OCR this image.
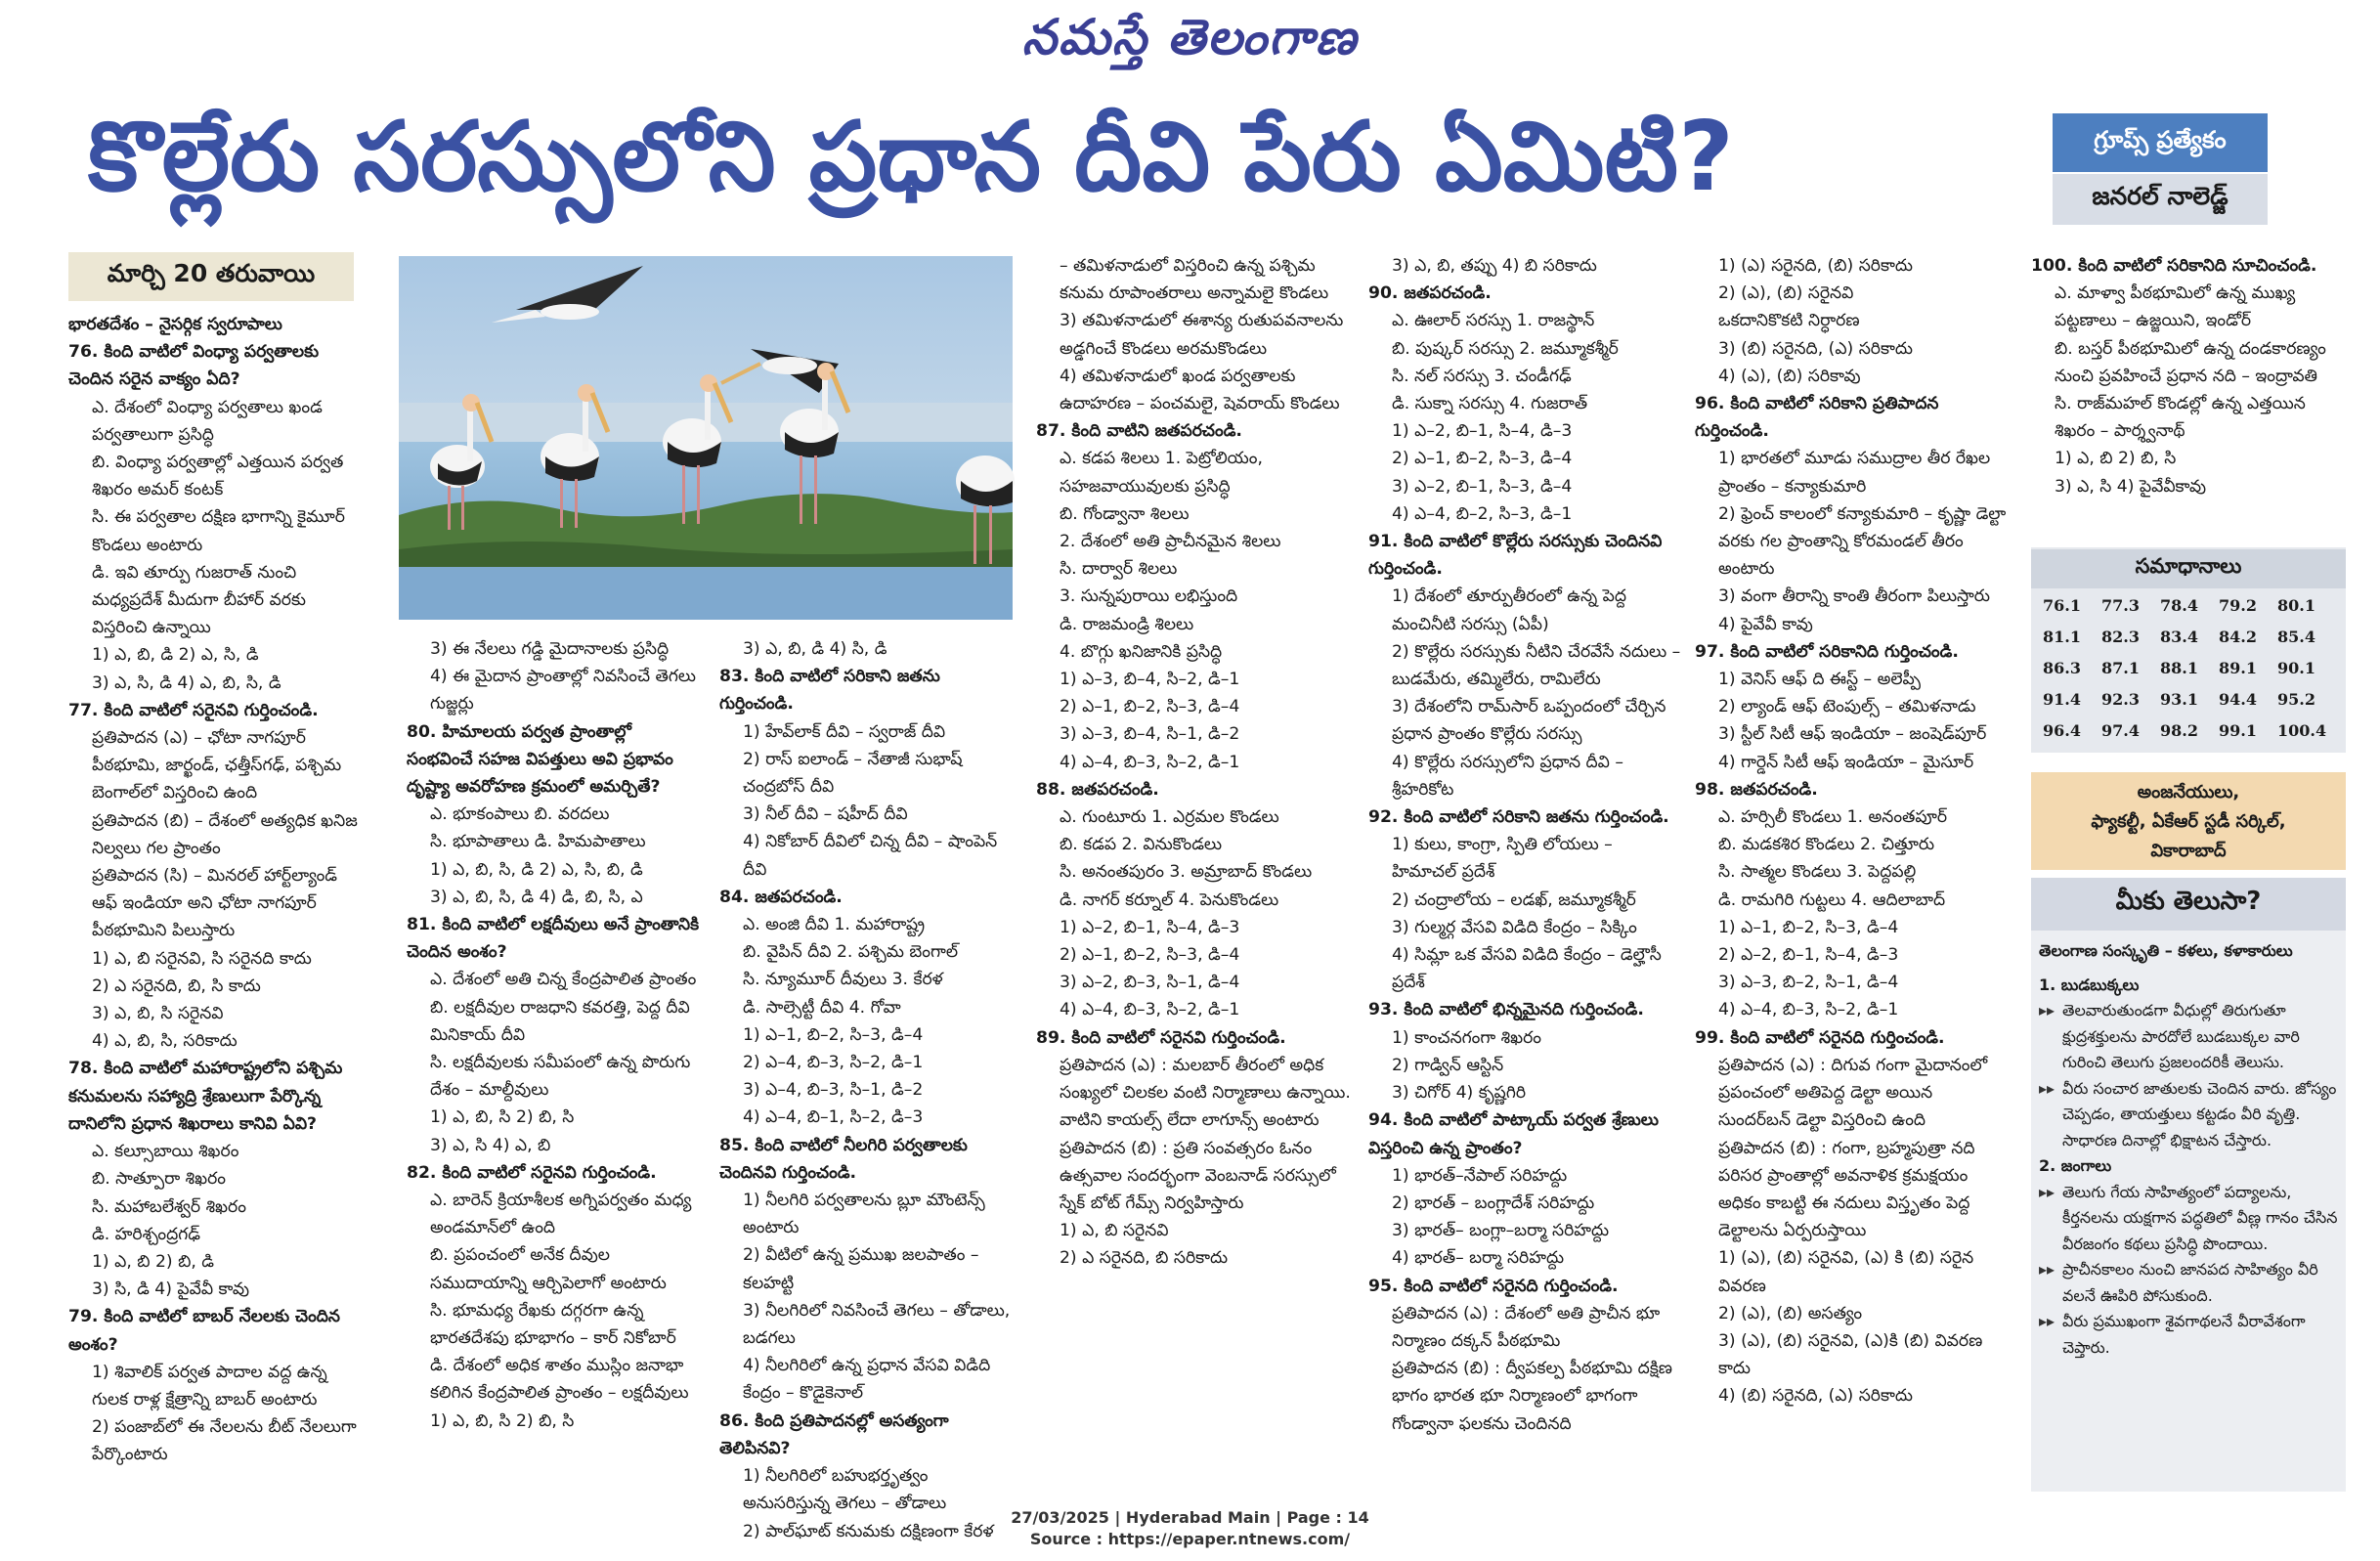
నమస్తే తెలంగాణ
కొల్లేరు సరస్సులోని ప్రధాన దీవి పేరు ఏమిటి?	గ్రూప్స్ ప్రత్యేకం
జనరల్ నాలెడ్జ్
మార్చి 20 తరువాయి

భారతదేశం – నైసర్గిక స్వరూపాలు

76. కింది వాటిలో వింధ్యా పర్వతాలకు చెందిన సరైన వాక్యం ఏది?

ఎ. దేశంలో వింధ్యా పర్వతాలు ఖండ పర్వతాలుగా ప్రసిద్ధి

బి. వింధ్యా పర్వతాల్లో ఎత్తయిన పర్వత శిఖరం అమర్ కంటక్

సి. ఈ పర్వతాల దక్షిణ భాగాన్ని కైమూర్ కొండలు అంటారు

డి. ఇవి తూర్పు గుజరాత్ నుంచి మధ్యప్రదేశ్ మీదుగా బీహార్ వరకు విస్తరించి ఉన్నాయి

1) ఎ, బి, డి 2) ఎ, సి, డి

3) ఎ, సి, డి 4) ఎ, బి, సి, డి

77. కింది వాటిలో సరైనవి గుర్తించండి.

ప్రతిపాదన (ఎ) – ఛోటా నాగపూర్ పీఠభూమి, జార్ఖండ్, ఛత్తీస్‌గఢ్, పశ్చిమ బెంగాల్‌లో విస్తరించి ఉంది

ప్రతిపాదన (బి) – దేశంలో అత్యధిక ఖనిజ నిల్వలు గల ప్రాంతం

ప్రతిపాదన (సి) – మినరల్ హార్ట్‌ల్యాండ్ ఆఫ్ ఇండియా అని ఛోటా నాగపూర్ పీఠభూమిని పిలుస్తారు

1) ఎ, బి సరైనవి, సి సరైనది కాదు

2) ఎ సరైనది, బి, సి కాదు

3) ఎ, బి, సి సరైనవి

4) ఎ, బి, సి, సరికాదు

78. కింది వాటిలో మహారాష్ట్రలోని పశ్చిమ కనుమలను సహ్యాద్రి శ్రేణులుగా పేర్కొన్న దానిలోని ప్రధాన శిఖరాలు కానివి ఏవి?

ఎ. కల్సూబాయి శిఖరం

బి. సాత్పూరా శిఖరం

సి. మహాబలేశ్వర్ శిఖరం

డి. హరిశ్చంద్రగఢ్

1) ఎ, బి 2) బి, డి

3) సి, డి 4) పైవేవీ కావు

79. కింది వాటిలో బాబర్ నేలలకు చెందిన అంశం?

1) శివాలిక్ పర్వత పాదాల వద్ద ఉన్న గులక రాళ్ల క్షేత్రాన్ని బాబర్ అంటారు

2) పంజాబ్‌లో ఈ నేలలను బీట్ నేలలుగా పేర్కొంటారు

3) ఈ నేలలు గడ్డి మైదానాలకు ప్రసిద్ధి

4) ఈ మైదాన ప్రాంతాల్లో నివసించే తెగలు గుజ్జర్లు

80. హిమాలయ పర్వత ప్రాంతాల్లో సంభవించే సహజ విపత్తులు అవి ప్రభావం దృష్ట్యా అవరోహణ క్రమంలో అమర్చితే?

ఎ. భూకంపాలు బి. వరదలు

సి. భూపాతాలు డి. హిమపాతాలు

1) ఎ, బి, సి, డి 2) ఎ, సి, బి, డి

3) ఎ, బి, సి, డి 4) డి, బి, సి, ఎ

81. కింది వాటిలో లక్షదీవులు అనే ప్రాంతానికి చెందిన అంశం?

ఎ. దేశంలో అతి చిన్న కేంద్రపాలిత ప్రాంతం

బి. లక్షదీవుల రాజధాని కవరత్తి, పెద్ద దీవి మినికాయ్ దీవి

సి. లక్షదీవులకు సమీపంలో ఉన్న పొరుగు దేశం – మాల్దీవులు

1) ఎ, బి, సి 2) బి, సి

3) ఎ, సి 4) ఎ, బి

82. కింది వాటిలో సరైనవి గుర్తించండి.

ఎ. బారెన్ క్రియాశీలక అగ్నిపర్వతం మధ్య అండమాన్‌లో ఉంది

బి. ప్రపంచంలో అనేక దీవుల సముదాయాన్ని ఆర్చిపెలాగో అంటారు

సి. భూమధ్య రేఖకు దగ్గరగా ఉన్న భారతదేశపు భూభాగం – కార్ నికోబార్

డి. దేశంలో అధిక శాతం ముస్లిం జనాభా కలిగిన కేంద్రపాలిత ప్రాంతం – లక్షదీవులు

1) ఎ, బి, సి 2) బి, సి

3) ఎ, బి, డి 4) సి, డి

83. కింది వాటిలో సరికాని జతను గుర్తించండి.

1) హేవ్‌లాక్ దీవి – స్వరాజ్ దీవి

2) రాస్ ఐలాండ్ – నేతాజీ సుభాష్ చంద్రబోస్ దీవి

3) నీల్ దీవి – షహీద్ దీవి

4) నికోబార్ దీవిలో చిన్న దీవి – షాంపెన్ దీవి

84. జతపరచండి.

ఎ. అంజి దీవి 1. మహారాష్ట్ర

బి. వైపిన్ దీవి 2. పశ్చిమ బెంగాల్

సి. న్యూమూర్ దీవులు 3. కేరళ

డి. సాల్సెట్టీ దీవి 4. గోవా

1) ఎ–1, బి–2, సి–3, డి–4

2) ఎ–4, బి–3, సి–2, డి–1

3) ఎ–4, బి–3, సి–1, డి–2

4) ఎ–4, బి–1, సి–2, డి–3

85. కింది వాటిలో నీలగిరి పర్వతాలకు చెందినవి గుర్తించండి.

1) నీలగిరి పర్వతాలను బ్లూ మౌంటెన్స్ అంటారు

2) వీటిలో ఉన్న ప్రముఖ జలపాతం – కలహట్టి

3) నీలగిరిలో నివసించే తెగలు – తోడాలు, బడగలు

4) నీలగిరిలో ఉన్న ప్రధాన వేసవి విడిది కేంద్రం – కొడైకెనాల్

86. కింది ప్రతిపాదనల్లో అసత్యంగా తెలిపినవి?

1) నీలగిరిలో బహుభర్తృత్వం అనుసరిస్తున్న తెగలు – తోడాలు

2) పాల్‌ఘాట్ కనుమకు దక్షిణంగా కేరళ

– తమిళనాడులో విస్తరించి ఉన్న పశ్చిమ కనుమ రూపాంతరాలు అన్నామలై కొండలు

3) తమిళనాడులో ఈశాన్య రుతుపవనాలను అడ్డగించే కొండలు అరమకొండలు

4) తమిళనాడులో ఖండ పర్వతాలకు ఉదాహరణ – పంచమలై, షెవరాయ్ కొండలు

87. కింది వాటిని జతపరచండి.

ఎ. కడప శిలలు 1. పెట్రోలియం, సహజవాయువులకు ప్రసిద్ధి

బి. గోండ్వానా శిలలు

2. దేశంలో అతి ప్రాచీనమైన శిలలు

సి. దార్వార్ శిలలు

3. సున్నపురాయి లభిస్తుంది

డి. రాజమండ్రి శిలలు

4. బొగ్గు ఖనిజానికి ప్రసిద్ధి

1) ఎ–3, బి–4, సి–2, డి–1

2) ఎ–1, బి–2, సి–3, డి–4

3) ఎ–3, బి–4, సి–1, డి–2

4) ఎ–4, బి–3, సి–2, డి–1

88. జతపరచండి.

ఎ. గుంటూరు 1. ఎర్రమల కొండలు

బి. కడప 2. వినుకొండలు

సి. అనంతపురం 3. అమ్రాబాద్ కొండలు

డి. నాగర్ కర్నూల్ 4. పెనుకొండలు

1) ఎ–2, బి–1, సి–4, డి–3

2) ఎ–1, బి–2, సి–3, డి–4

3) ఎ–2, బి–3, సి–1, డి–4

4) ఎ–4, బి–3, సి–2, డి–1

89. కింది వాటిలో సరైనవి గుర్తించండి.

ప్రతిపాదన (ఎ) : మలబార్ తీరంలో అధిక సంఖ్యలో చిలకల వంటి నిర్మాణాలు ఉన్నాయి. వాటిని కాయల్స్ లేదా లాగూన్స్ అంటారు

ప్రతిపాదన (బి) : ప్రతి సంవత్సరం ఓనం ఉత్సవాల సందర్భంగా వెంబనాడ్ సరస్సులో స్నేక్ బోట్ గేమ్స్ నిర్వహిస్తారు

1) ఎ, బి సరైనవి

2) ఎ సరైనది, బి సరికాదు

3) ఎ, బి, తప్పు 4) బి సరికాదు

90. జతపరచండి.

ఎ. ఊలార్ సరస్సు 1. రాజస్థాన్

బి. పుష్కర్ సరస్సు 2. జమ్మూకశ్మీర్

సి. నల్ సరస్సు 3. చండీగఢ్

డి. సుక్నా సరస్సు 4. గుజరాత్

1) ఎ–2, బి–1, సి–4, డి–3

2) ఎ–1, బి–2, సి–3, డి–4

3) ఎ–2, బి–1, సి–3, డి–4

4) ఎ–4, బి–2, సి–3, డి–1

91. కింది వాటిలో కొల్లేరు సరస్సుకు చెందినవి గుర్తించండి.

1) దేశంలో తూర్పుతీరంలో ఉన్న పెద్ద మంచినీటి సరస్సు (ఏపీ)

2) కొల్లేరు సరస్సుకు నీటిని చేరవేసే నదులు – బుడమేరు, తమ్మిలేరు, రామిలేరు

3) దేశంలోని రామ్‌సార్ ఒప్పందంలో చేర్చిన ప్రధాన ప్రాంతం కొల్లేరు సరస్సు

4) కొల్లేరు సరస్సులోని ప్రధాన దీవి – శ్రీహరికోట

92. కింది వాటిలో సరికాని జతను గుర్తించండి.

1) కులు, కాంగ్రా, స్పితి లోయలు – హిమాచల్ ప్రదేశ్

2) చంద్రాలోయ – లడఖ్, జమ్మూకశ్మీర్

3) గుల్మర్గ వేసవి విడిది కేంద్రం – సిక్కిం

4) సిమ్లా ఒక వేసవి విడిది కేంద్రం – డెల్హౌసీ ప్రదేశ్

93. కింది వాటిలో భిన్నమైనది గుర్తించండి.

1) కాంచనగంగా శిఖరం

2) గాడ్విన్ ఆస్టిన్

3) చిగోర్ 4) కృష్ణగిరి

94. కింది వాటిలో పాట్కాయ్ పర్వత శ్రేణులు విస్తరించి ఉన్న ప్రాంతం?

1) భారత్–నేపాల్ సరిహద్దు

2) భారత్ – బంగ్లాదేశ్ సరిహద్దు

3) భారత్– బంగ్లా–బర్మా సరిహద్దు

4) భారత్– బర్మా సరిహద్దు

95. కింది వాటిలో సరైనది గుర్తించండి.

ప్రతిపాదన (ఎ) : దేశంలో అతి ప్రాచీన భూ నిర్మాణం దక్కన్ పీఠభూమి

ప్రతిపాదన (బి) : ద్వీపకల్ప పీఠభూమి దక్షిణ భాగం భారత భూ నిర్మాణంలో భాగంగా గోండ్వానా ఫలకను చెందినది

1) (ఎ) సరైనది, (బి) సరికాదు

2) (ఎ), (బి) సరైనవి

ఒకదానికొకటి నిర్ధారణ

3) (బి) సరైనది, (ఎ) సరికాదు

4) (ఎ), (బి) సరికావు

96. కింది వాటిలో సరికాని ప్రతిపాదన గుర్తించండి.

1) భారతలో మూడు సముద్రాల తీర రేఖల ప్రాంతం – కన్యాకుమారి

2) ఫ్రెంచ్ కాలంలో కన్యాకుమారి – కృష్ణా డెల్టా వరకు గల ప్రాంతాన్ని కోరమండల్ తీరం అంటారు

3) వంగా తీరాన్ని కాంతి తీరంగా పిలుస్తారు

4) పైవేవీ కావు

97. కింది వాటిలో సరికానిది గుర్తించండి.

1) వెనిస్ ఆఫ్ ది ఈస్ట్ – అలెప్పీ

2) ల్యాండ్ ఆఫ్ టెంపుల్స్ – తమిళనాడు

3) స్టీల్ సిటీ ఆఫ్ ఇండియా – జంషెడ్‌పూర్

4) గార్డెన్ సిటీ ఆఫ్ ఇండియా – మైసూర్

98. జతపరచండి.

ఎ. హర్సిలీ కొండలు 1. అనంతపూర్

బి. మడకశిర కొండలు 2. చిత్తూరు

సి. సాత్మల కొండలు 3. పెద్దపల్లి

డి. రామగిరి గుట్టలు 4. ఆదిలాబాద్

1) ఎ–1, బి–2, సి–3, డి–4

2) ఎ–2, బి–1, సి–4, డి–3

3) ఎ–3, బి–2, సి–1, డి–4

4) ఎ–4, బి–3, సి–2, డి–1

99. కింది వాటిలో సరైనది గుర్తించండి.

ప్రతిపాదన (ఎ) : దిగువ గంగా మైదానంలో ప్రపంచంలో అతిపెద్ద డెల్టా అయిన సుందర్‌బన్ డెల్టా విస్తరించి ఉంది

ప్రతిపాదన (బి) : గంగా, బ్రహ్మపుత్రా నది పరిసర ప్రాంతాల్లో అవనాళిక క్రమక్షయం అధికం కాబట్టి ఈ నదులు విస్తృతం పెద్ద డెల్టాలను ఏర్పరుస్తాయి

1) (ఎ), (బి) సరైనవి, (ఎ) కి (బి) సరైన వివరణ

2) (ఎ), (బి) అసత్యం

3) (ఎ), (బి) సరైనవి, (ఎ)కి (బి) వివరణ కాదు

4) (బి) సరైనది, (ఎ) సరికాదు

100. కింది వాటిలో సరికానిది సూచించండి.

ఎ. మాళ్వా పీఠభూమిలో ఉన్న ముఖ్య పట్టణాలు – ఉజ్జయిని, ఇండోర్

బి. బస్తర్ పీఠభూమిలో ఉన్న దండకారణ్యం నుంచి ప్రవహించే ప్రధాన నది – ఇంద్రావతి

సి. రాజ్‌మహల్ కొండల్లో ఉన్న ఎత్తయిన శిఖరం – పార్శ్వనాథ్

1) ఎ, బి 2) బి, సి

3) ఎ, సి 4) పైవేవీకావు

సమాధానాలు
76.1	77.3	78.4	79.2	80.1
81.1	82.3	83.4	84.2	85.4
86.3	87.1	88.1	89.1	90.1
91.4	92.3	93.1	94.4	95.2
96.4	97.4	98.2	99.1	100.4
అంజనేయులు,
ఫ్యాకల్టీ, ఏకేఆర్ స్టడీ సర్కిల్,
వికారాబాద్
మీకు తెలుసా?

తెలంగాణ సంస్కృతి – కళలు, కళాకారులు

1. బుడబుక్కలు

▸▸ తెలవారుతుండగా వీధుల్లో తిరుగుతూ క్షుద్రశక్తులను పారదోలే బుడబుక్కల వారి గురించి తెలుగు ప్రజలందరికీ తెలుసు.
▸▸ వీరు సంచార జాతులకు చెందిన వారు. జోస్యం చెప్పడం, తాయత్తులు కట్టడం వీరి వృత్తి. సాధారణ దినాల్లో భిక్షాటన చేస్తారు.

2. జంగాలు

▸▸ తెలుగు గేయ సాహిత్యంలో పద్యాలను, కీర్తనలను యక్షగాన పద్ధతిలో వీణ్ల గానం చేసిన వీరజంగం కథలు ప్రసిద్ధి పొందాయి.
▸▸ ప్రాచీనకాలం నుంచి జానపద సాహిత్యం వీరి వలనే ఊపిరి పోసుకుంది.
▸▸ వీరు ప్రముఖంగా శైవగాథలనే వీరావేశంగా చెప్తారు.
27/03/2025 | Hyderabad Main | Page : 14
Source : https://epaper.ntnews.com/
